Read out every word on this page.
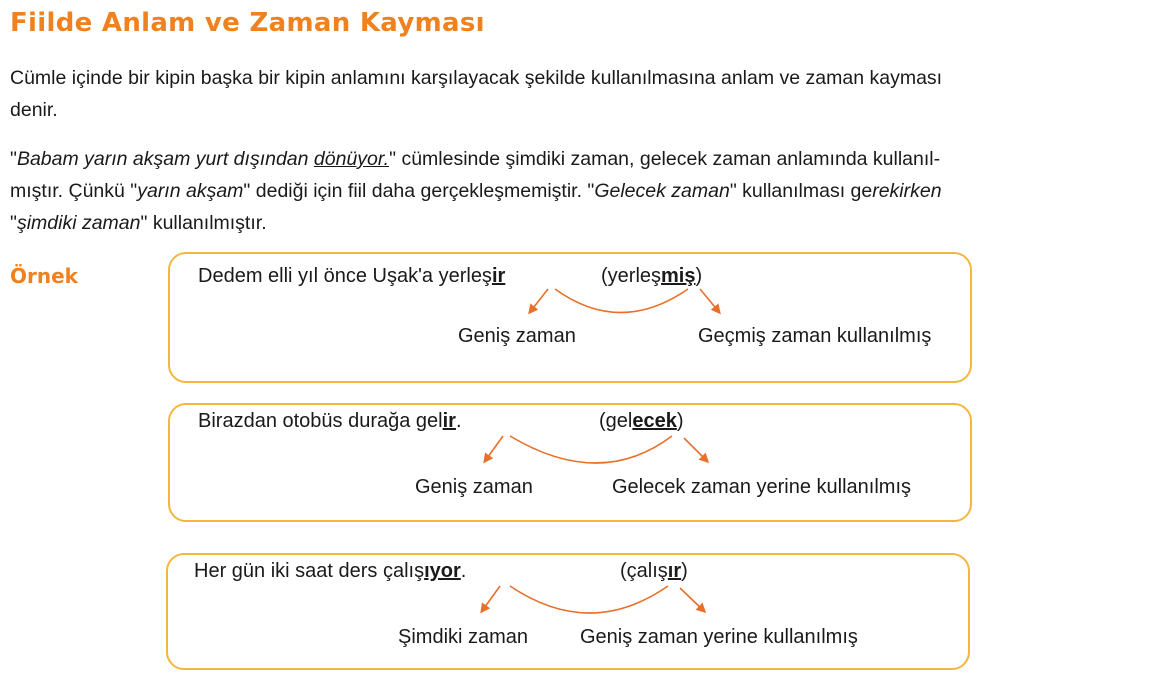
Fiilde Anlam ve Zaman Kayması
Cümle içinde bir kipin başka bir kipin anlamını karşılayacak şekilde kullanılmasına anlam ve zaman kayması
denir.
"Babam yarın akşam yurt dışından dönüyor." cümlesinde şimdiki zaman, gelecek zaman anlamında kullanıl-
mıştır. Çünkü "yarın akşam" dediği için fiil daha gerçekleşmemiştir. "Gelecek zaman" kullanılması gerekirken
"şimdiki zaman" kullanılmıştır.
Örnek	Dedem elli yıl önce Uşak'a yerleşir	(yerleşmiş)
Geniş zaman	Geçmiş zaman kullanılmış
Birazdan otobüs durağa gelir.	(gelecek)
Geniş zaman	Gelecek zaman yerine kullanılmış
Her gün iki saat ders çalışıyor.	(çalışır)
Şimdiki zaman	Geniş zaman yerine kullanılmış
